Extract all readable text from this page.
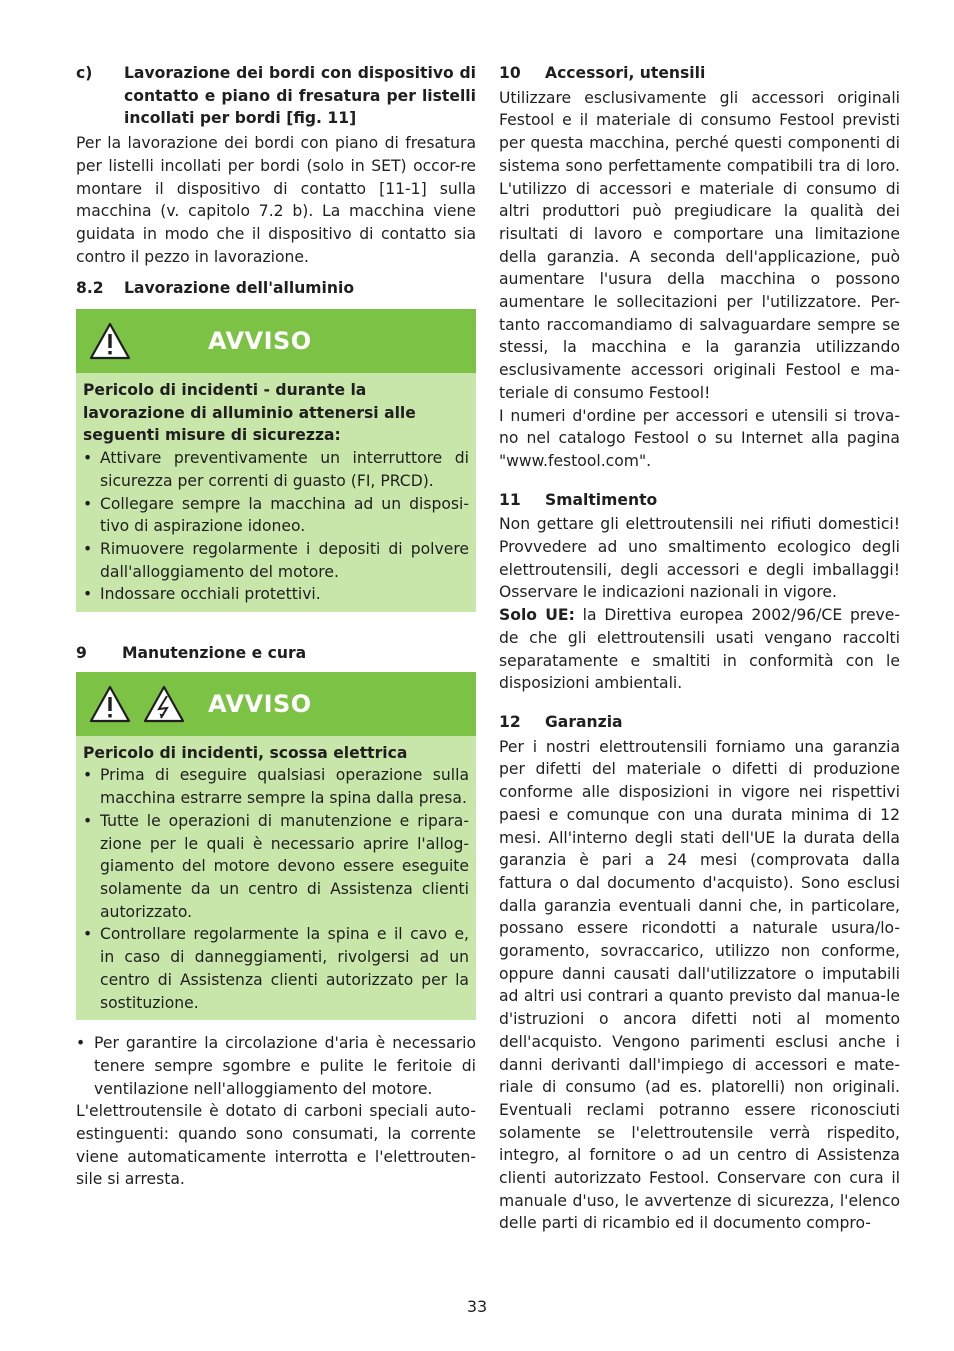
c)	Lavorazione dei bordi con dispositivo di contatto e piano di fresatura per listelli incollati per bordi [fig. 11]

Per la lavorazione dei bordi con piano di fresatura per listelli incollati per bordi (solo in SET) occor-re montare il dispositivo di contatto [11-1] sulla macchina (v. capitolo 7.2 b). La macchina viene guidata in modo che il dispositivo di contatto sia contro il pezzo in lavorazione.

8.2	Lavorazione dell'alluminio
AVVISO

Pericolo di incidenti - durante la lavorazione di alluminio attenersi alle seguenti misure di sicurezza:

• Attivare preventivamente un interruttore di sicurezza per correnti di guasto (FI, PRCD).
• Collegare sempre la macchina ad un disposi-tivo di aspirazione idoneo.
• Rimuovere regolarmente i depositi di polvere dall'alloggiamento del motore.
• Indossare occhiali protettivi.
9	Manutenzione e cura
AVVISO

Pericolo di incidenti, scossa elettrica

• Prima di eseguire qualsiasi operazione sulla macchina estrarre sempre la spina dalla presa.
• Tutte le operazioni di manutenzione e ripara-zione per le quali è necessario aprire l'allog-giamento del motore devono essere eseguite solamente da un centro di Assistenza clienti autorizzato.
• Controllare regolarmente la spina e il cavo e, in caso di danneggiamenti, rivolgersi ad un centro di Assistenza clienti autorizzato per la sostituzione.
• Per garantire la circolazione d'aria è necessario tenere sempre sgombre e pulite le feritoie di ventilazione nell'alloggiamento del motore.

L'elettroutensile è dotato di carboni speciali auto-estinguenti: quando sono consumati, la corrente viene automaticamente interrotta e l'elettrouten-sile si arresta.

10	Accessori, utensili

Utilizzare esclusivamente gli accessori originali Festool e il materiale di consumo Festool previsti per questa macchina, perché questi componenti di sistema sono perfettamente compatibili tra di loro. L'utilizzo di accessori e materiale di consumo di altri produttori può pregiudicare la qualità dei risultati di lavoro e comportare una limitazione della garanzia. A seconda dell'applicazione, può aumentare l'usura della macchina o possono aumentare le sollecitazioni per l'utilizzatore. Per-tanto raccomandiamo di salvaguardare sempre se stessi, la macchina e la garanzia utilizzando esclusivamente accessori originali Festool e ma-teriale di consumo Festool!

I numeri d'ordine per accessori e utensili si trova-no nel catalogo Festool o su Internet alla pagina "www.festool.com".

11	Smaltimento

Non gettare gli elettroutensili nei rifiuti domestici! Provvedere ad uno smaltimento ecologico degli elettroutensili, degli accessori e degli imballaggi! Osservare le indicazioni nazionali in vigore.

Solo UE: la Direttiva europea 2002/96/CE preve-de che gli elettroutensili usati vengano raccolti separatamente e smaltiti in conformità con le disposizioni ambientali.

12	Garanzia

Per i nostri elettroutensili forniamo una garanzia per difetti del materiale o difetti di produzione conforme alle disposizioni in vigore nei rispettivi paesi e comunque con una durata minima di 12 mesi. All'interno degli stati dell'UE la durata della garanzia è pari a 24 mesi (comprovata dalla fattura o dal documento d'acquisto). Sono esclusi dalla garanzia eventuali danni che, in particolare, possano essere ricondotti a naturale usura/lo-goramento, sovraccarico, utilizzo non conforme, oppure danni causati dall'utilizzatore o imputabili ad altri usi contrari a quanto previsto dal manua-le d'istruzioni o ancora difetti noti al momento dell'acquisto. Vengono parimenti esclusi anche i danni derivanti dall'impiego di accessori e mate-riale di consumo (ad es. platorelli) non originali. Eventuali reclami potranno essere riconosciuti solamente se l'elettroutensile verrà rispedito, integro, al fornitore o ad un centro di Assistenza clienti autorizzato Festool. Conservare con cura il manuale d'uso, le avvertenze di sicurezza, l'elenco delle parti di ricambio ed il documento compro-

33
